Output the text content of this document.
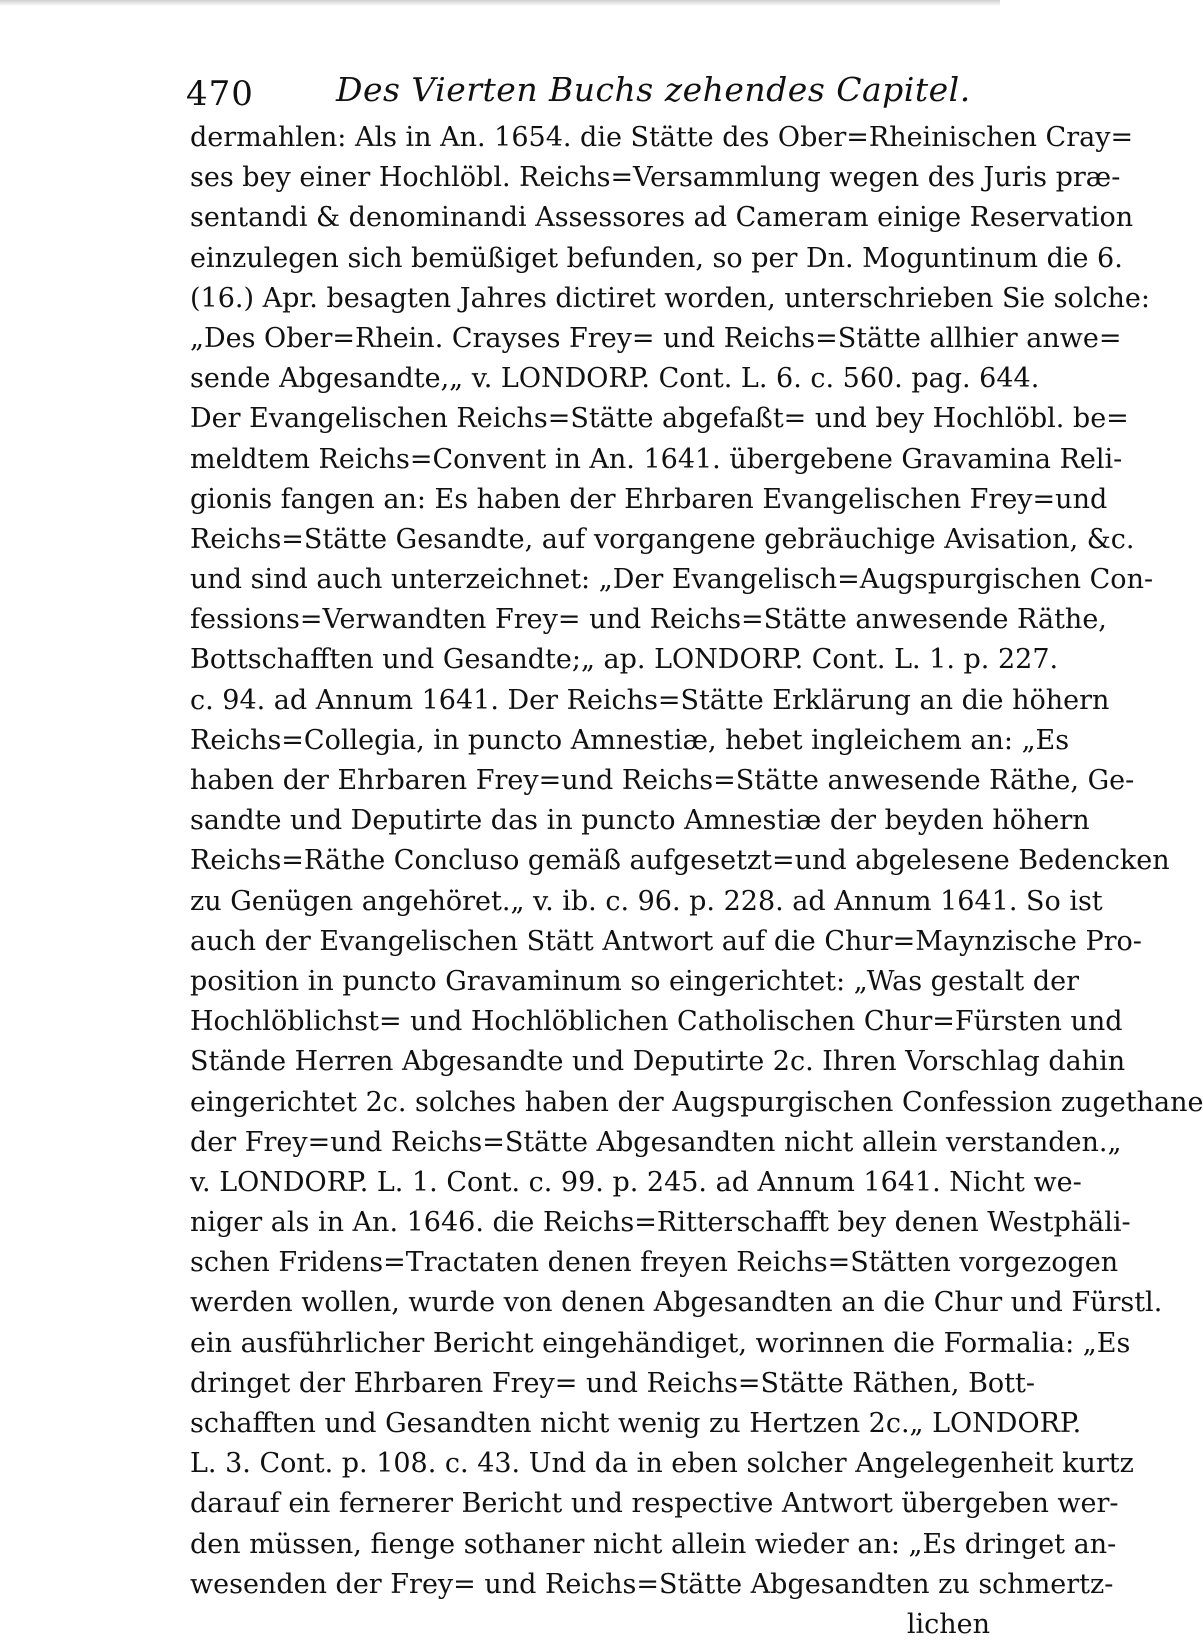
470 Des Vierten Buchs zehendes Capitel.
dermahlen: Als in An. 1654. die Stätte des Ober=Rheinischen Cray=
ses bey einer Hochlöbl. Reichs=Versammlung wegen des Juris præ-
sentandi & denominandi Assessores ad Cameram einige Reservation
einzulegen sich bemüßiget befunden, so per Dn. Moguntinum die 6.
(16.) Apr. besagten Jahres dictiret worden, unterschrieben Sie solche:
„Des Ober=Rhein. Crayses Frey= und Reichs=Stätte allhier anwe=
sende Abgesandte,„ v. LONDORP. Cont. L. 6. c. 560. pag. 644.
Der Evangelischen Reichs=Stätte abgefaßt= und bey Hochlöbl. be=
meldtem Reichs=Convent in An. 1641. übergebene Gravamina Reli-
gionis fangen an: Es haben der Ehrbaren Evangelischen Frey=und
Reichs=Stätte Gesandte, auf vorgangene gebräuchige Avisation, &c.
und sind auch unterzeichnet: „Der Evangelisch=Augspurgischen Con-
fessions=Verwandten Frey= und Reichs=Stätte anwesende Räthe,
Bottschafften und Gesandte;„ ap. LONDORP. Cont. L. 1. p. 227.
c. 94. ad Annum 1641. Der Reichs=Stätte Erklärung an die höhern
Reichs=Collegia, in puncto Amnestiæ, hebet ingleichem an: „Es
haben der Ehrbaren Frey=und Reichs=Stätte anwesende Räthe, Ge-
sandte und Deputirte das in puncto Amnestiæ der beyden höhern
Reichs=Räthe Concluso gemäß aufgesetzt=und abgelesene Bedencken
zu Genügen angehöret.„ v. ib. c. 96. p. 228. ad Annum 1641. So ist
auch der Evangelischen Stätt Antwort auf die Chur=Maynzische Pro-
position in puncto Gravaminum so eingerichtet: „Was gestalt der
Hochlöblichst= und Hochlöblichen Catholischen Chur=Fürsten und
Stände Herren Abgesandte und Deputirte 2c. Ihren Vorschlag dahin
eingerichtet 2c. solches haben der Augspurgischen Confession zugethane
der Frey=und Reichs=Stätte Abgesandten nicht allein verstanden.„
v. LONDORP. L. 1. Cont. c. 99. p. 245. ad Annum 1641. Nicht we-
niger als in An. 1646. die Reichs=Ritterschafft bey denen Westphäli-
schen Fridens=Tractaten denen freyen Reichs=Stätten vorgezogen
werden wollen, wurde von denen Abgesandten an die Chur und Fürstl.
ein ausführlicher Bericht eingehändiget, worinnen die Formalia: „Es
dringet der Ehrbaren Frey= und Reichs=Stätte Räthen, Bott-
schafften und Gesandten nicht wenig zu Hertzen 2c.„ LONDORP.
L. 3. Cont. p. 108. c. 43. Und da in eben solcher Angelegenheit kurtz
darauf ein fernerer Bericht und respective Antwort übergeben wer-
den müssen, fienge sothaner nicht allein wieder an: „Es dringet an-
wesenden der Frey= und Reichs=Stätte Abgesandten zu schmertz-
lichen
